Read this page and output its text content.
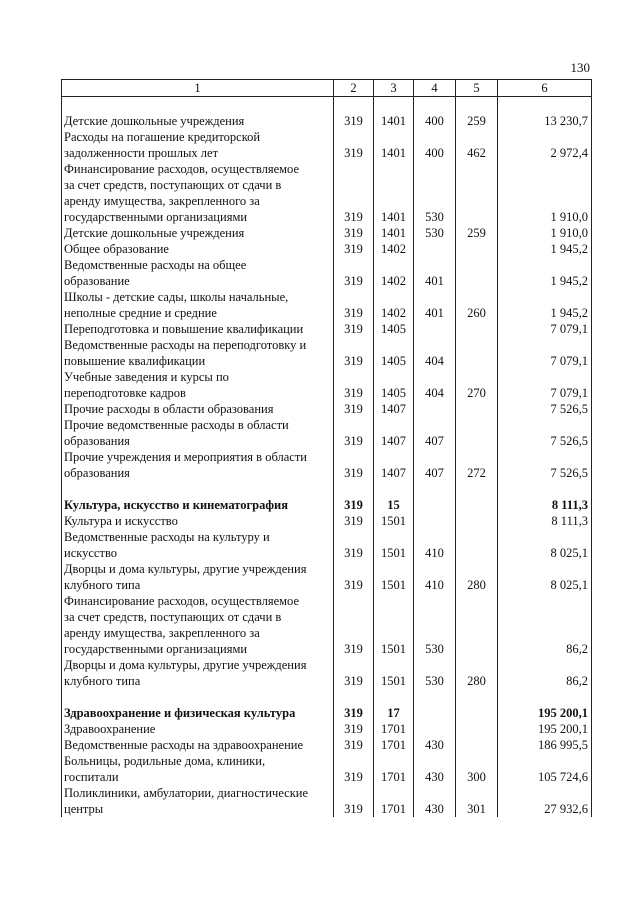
130
1	2	3	4	5	6

Детские дошкольные учреждения	319	1401	400	259	13 230,7

Расходы на погашение кредиторской
задолженности прошлых лет	319	1401	400	462	2 972,4

Финансирование расходов, осуществляемое
за счет средств, поступающих от сдачи в
аренду имущества, закрепленного за
государственными организациями	319	1401	530		1 910,0

Детские дошкольные учреждения	319	1401	530	259	1 910,0

Общее образование	319	1402			1 945,2

Ведомственные расходы на общее
образование	319	1402	401		1 945,2

Школы - детские сады, школы начальные,
неполные средние и средние	319	1402	401	260	1 945,2

Переподготовка и повышение квалификации	319	1405			7 079,1

Ведомственные расходы на переподготовку и
повышение квалификации	319	1405	404		7 079,1

Учебные заведения и курсы по
переподготовке кадров	319	1405	404	270	7 079,1

Прочие расходы в области образования	319	1407			7 526,5

Прочие ведомственные расходы в области
образования	319	1407	407		7 526,5

Прочие учреждения и мероприятия в области
образования	319	1407	407	272	7 526,5

Культура, искусство и кинематография	319	15			8 111,3

Культура и искусство	319	1501			8 111,3

Ведомственные расходы на культуру и
искусство	319	1501	410		8 025,1

Дворцы и дома культуры, другие учреждения
клубного типа	319	1501	410	280	8 025,1

Финансирование расходов, осуществляемое
за счет средств, поступающих от сдачи в
аренду имущества, закрепленного за
государственными организациями	319	1501	530		86,2

Дворцы и дома культуры, другие учреждения
клубного типа	319	1501	530	280	86,2

Здравоохранение и физическая культура	319	17			195 200,1

Здравоохранение	319	1701			195 200,1

Ведомственные расходы на здравоохранение	319	1701	430		186 995,5

Больницы, родильные дома, клиники,
госпитали	319	1701	430	300	105 724,6

Поликлиники, амбулатории, диагностические
центры	319	1701	430	301	27 932,6
